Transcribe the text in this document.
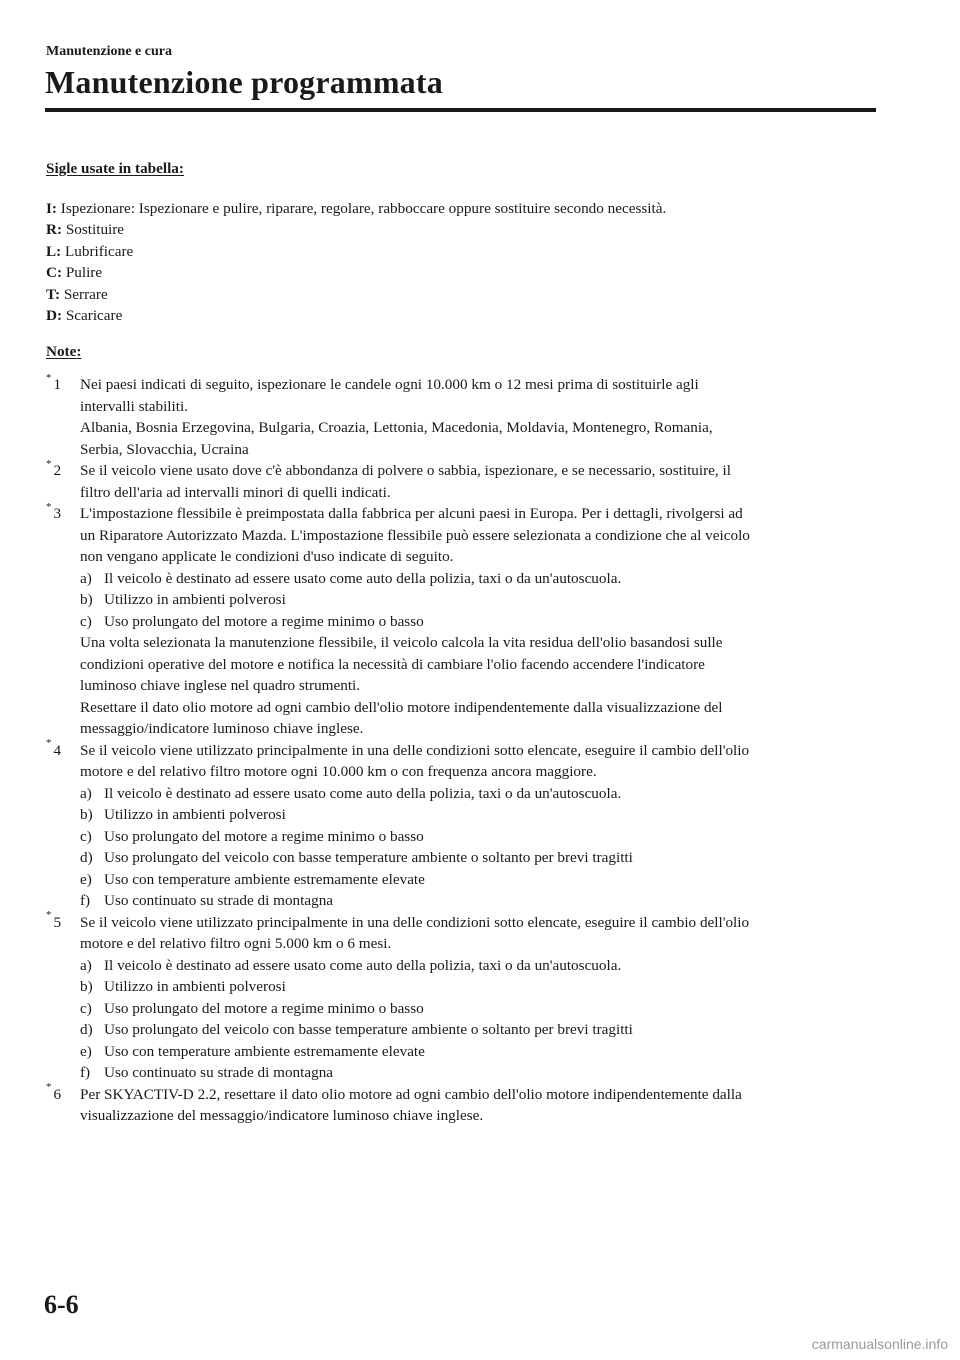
Manutenzione e cura
Manutenzione programmata
Sigle usate in tabella:
I: Ispezionare: Ispezionare e pulire, riparare, regolare, rabboccare oppure sostituire secondo necessità.
R: Sostituire
L: Lubrificare
C: Pulire
T: Serrare
D: Scaricare
Note:
* 1 Nei paesi indicati di seguito, ispezionare le candele ogni 10.000 km o 12 mesi prima di sostituirle agli
intervalli stabiliti.
Albania, Bosnia Erzegovina, Bulgaria, Croazia, Lettonia, Macedonia, Moldavia, Montenegro, Romania,
Serbia, Slovacchia, Ucraina
* 2 Se il veicolo viene usato dove c'è abbondanza di polvere o sabbia, ispezionare, e se necessario, sostituire, il
filtro dell'aria ad intervalli minori di quelli indicati.
* 3 L'impostazione flessibile è preimpostata dalla fabbrica per alcuni paesi in Europa. Per i dettagli, rivolgersi ad
un Riparatore Autorizzato Mazda. L'impostazione flessibile può essere selezionata a condizione che al veicolo
non vengano applicate le condizioni d'uso indicate di seguito.
a) Il veicolo è destinato ad essere usato come auto della polizia, taxi o da un'autoscuola.
b) Utilizzo in ambienti polverosi
c) Uso prolungato del motore a regime minimo o basso
Una volta selezionata la manutenzione flessibile, il veicolo calcola la vita residua dell'olio basandosi sulle
condizioni operative del motore e notifica la necessità di cambiare l'olio facendo accendere l'indicatore
luminoso chiave inglese nel quadro strumenti.
Resettare il dato olio motore ad ogni cambio dell'olio motore indipendentemente dalla visualizzazione del
messaggio/indicatore luminoso chiave inglese.
* 4 Se il veicolo viene utilizzato principalmente in una delle condizioni sotto elencate, eseguire il cambio dell'olio
motore e del relativo filtro motore ogni 10.000 km o con frequenza ancora maggiore.
a) Il veicolo è destinato ad essere usato come auto della polizia, taxi o da un'autoscuola.
b) Utilizzo in ambienti polverosi
c) Uso prolungato del motore a regime minimo o basso
d) Uso prolungato del veicolo con basse temperature ambiente o soltanto per brevi tragitti
e) Uso con temperature ambiente estremamente elevate
f) Uso continuato su strade di montagna
* 5 Se il veicolo viene utilizzato principalmente in una delle condizioni sotto elencate, eseguire il cambio dell'olio
motore e del relativo filtro ogni 5.000 km o 6 mesi.
a) Il veicolo è destinato ad essere usato come auto della polizia, taxi o da un'autoscuola.
b) Utilizzo in ambienti polverosi
c) Uso prolungato del motore a regime minimo o basso
d) Uso prolungato del veicolo con basse temperature ambiente o soltanto per brevi tragitti
e) Uso con temperature ambiente estremamente elevate
f) Uso continuato su strade di montagna
* 6 Per SKYACTIV-D 2.2, resettare il dato olio motore ad ogni cambio dell'olio motore indipendentemente dalla
visualizzazione del messaggio/indicatore luminoso chiave inglese.
6-6
carmanualsonline.info
